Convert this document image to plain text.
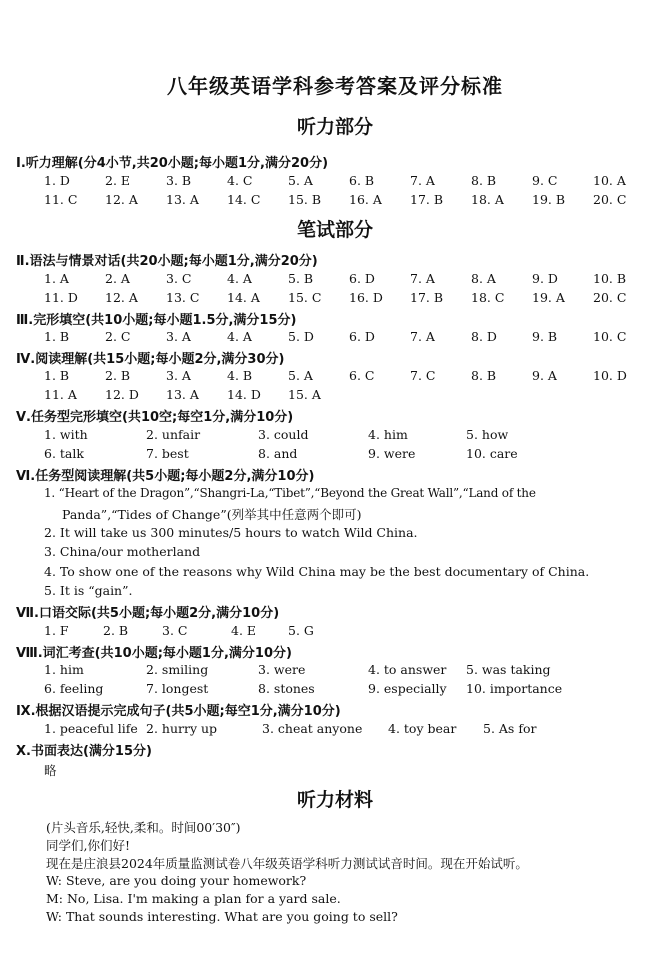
八年级英语学科参考答案及评分标准
听力部分
Ⅰ.听力理解(分4小节,共20小题;每小题1分,满分20分)
1. D	2. E	3. B	4. C	5. A	6. B	7. A	8. B	9. C	10. A
11. C 12. A 13. A 14. C 15. B 16. A 17. B 18. A 19. B 20. C
笔试部分
Ⅱ.语法与情景对话(共20小题;每小题1分,满分20分)
1. A	2. A	3. C	4. A	5. B	6. D	7. A	8. A	9. D	10. B
11. D 12. A 13. C 14. A 15. C 16. D 17. B 18. C 19. A 20. C
Ⅲ.完形填空(共10小题;每小题1.5分,满分15分)
1. B	2. C	3. A	4. A	5. D	6. D	7. A	8. D	9. B	10. C
Ⅳ.阅读理解(共15小题;每小题2分,满分30分)
1. B	2. B	3. A	4. B	5. A	6. C	7. C	8. B	9. A	10. D
11. A 12. D 13. A 14. D 15. A
Ⅴ.任务型完形填空(共10空;每空1分,满分10分)
1. with	2. unfair	3. could	4. him	5. how
6. talk	7. best	8. and	9. were	10. care
Ⅵ.任务型阅读理解(共5小题;每小题2分,满分10分)
1. “Heart of the Dragon”,“Shangri-La,“Tibet”,“Beyond the Great Wall”,“Land of the
Panda”,“Tides of Change”(列举其中任意两个即可)
2. It will take us 300 minutes/5 hours to watch Wild China.
3. China/our motherland
4. To show one of the reasons why Wild China may be the best documentary of China.
5. It is “gain”.
Ⅶ.口语交际(共5小题;每小题2分,满分10分)
1. F	2. B	3. C	4. E	5. G
Ⅷ.词汇考查(共10小题;每小题1分,满分10分)
1. him	2. smiling	3. were	4. to answer 5. was taking
6. feeling	7. longest	8. stones	9. especially 10. importance
Ⅸ.根据汉语提示完成句子(共5小题;每空1分,满分10分)
1. peaceful life 2. hurry up	3. cheat anyone 4. toy bear 5. As for
Ⅹ.书面表达(满分15分)
略
听力材料
(片头音乐,轻快,柔和。时间00′30″)
同学们,你们好!
现在是庄浪县2024年质量监测试卷八年级英语学科听力测试试音时间。现在开始试听。
W: Steve, are you doing your homework?
M: No, Lisa. I'm making a plan for a yard sale.
W: That sounds interesting. What are you going to sell?
